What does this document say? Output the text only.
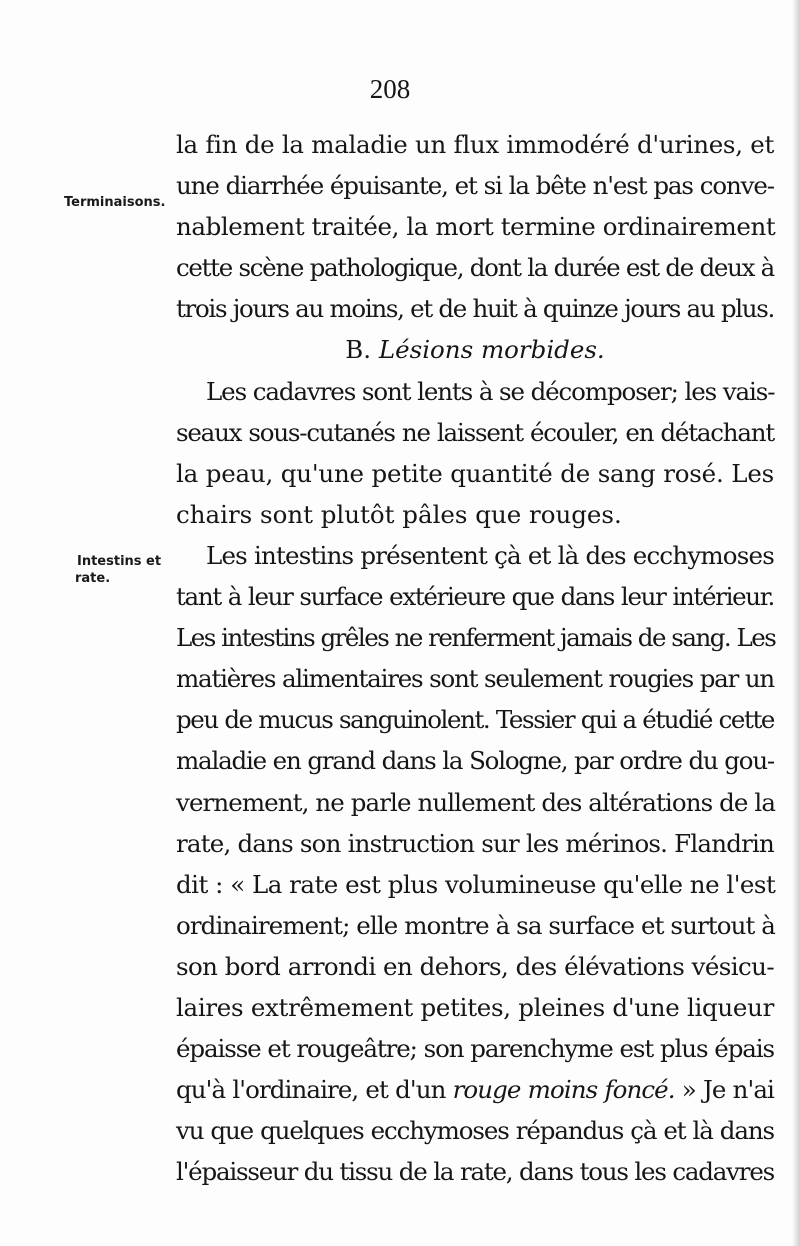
208
Terminaisons.
Intestins et
rate.
la fin de la maladie un flux immodéré d'urines, et
une diarrhée épuisante, et si la bête n'est pas conve-
nablement traitée, la mort termine ordinairement
cette scène pathologique, dont la durée est de deux à
trois jours au moins, et de huit à quinze jours au plus.
B. Lésions morbides.
Les cadavres sont lents à se décomposer; les vais-
seaux sous-cutanés ne laissent écouler, en détachant
la peau, qu'une petite quantité de sang rosé. Les
chairs sont plutôt pâles que rouges.
Les intestins présentent çà et là des ecchymoses
tant à leur surface extérieure que dans leur intérieur.
Les intestins grêles ne renferment jamais de sang. Les
matières alimentaires sont seulement rougies par un
peu de mucus sanguinolent. Tessier qui a étudié cette
maladie en grand dans la Sologne, par ordre du gou-
vernement, ne parle nullement des altérations de la
rate, dans son instruction sur les mérinos. Flandrin
dit : « La rate est plus volumineuse qu'elle ne l'est
ordinairement; elle montre à sa surface et surtout à
son bord arrondi en dehors, des élévations vésicu-
laires extrêmement petites, pleines d'une liqueur
épaisse et rougeâtre; son parenchyme est plus épais
qu'à l'ordinaire, et d'un rouge moins foncé. » Je n'ai
vu que quelques ecchymoses répandus çà et là dans
l'épaisseur du tissu de la rate, dans tous les cadavres
